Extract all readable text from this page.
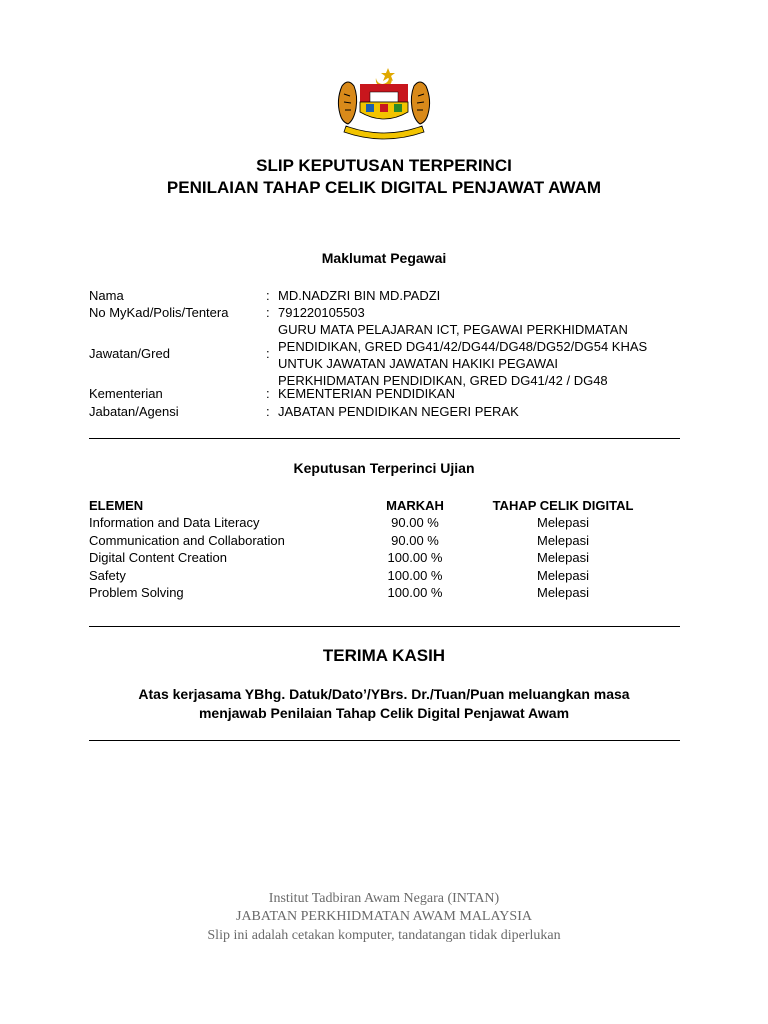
SLIP KEPUTUSAN TERPERINCI
PENILAIAN TAHAP CELIK DIGITAL PENJAWAT AWAM
Maklumat Pegawai
Nama	: MD.NADZRI BIN MD.PADZI
No MyKad/Polis/Tentera	: 791220105503
Jawatan/Gred	:
GURU MATA PELAJARAN ICT, PEGAWAI PERKHIDMATAN
PENDIDIKAN, GRED DG41/42/DG44/DG48/DG52/DG54 KHAS
UNTUK JAWATAN JAWATAN HAKIKI PEGAWAI
PERKHIDMATAN PENDIDIKAN, GRED DG41/42 / DG48
Kementerian	: KEMENTERIAN PENDIDIKAN
Jabatan/Agensi	: JABATAN PENDIDIKAN NEGERI PERAK
Keputusan Terperinci Ujian
ELEMEN	MARKAH	TAHAP CELIK DIGITAL
Information and Data Literacy	90.00 %	Melepasi
Communication and Collaboration	90.00 %	Melepasi
Digital Content Creation	100.00 %	Melepasi
Safety	100.00 %	Melepasi
Problem Solving	100.00 %	Melepasi
TERIMA KASIH
Atas kerjasama YBhg. Datuk/Dato’/YBrs. Dr./Tuan/Puan meluangkan masa
menjawab Penilaian Tahap Celik Digital Penjawat Awam
Institut Tadbiran Awam Negara (INTAN)
JABATAN PERKHIDMATAN AWAM MALAYSIA
Slip ini adalah cetakan komputer, tandatangan tidak diperlukan
